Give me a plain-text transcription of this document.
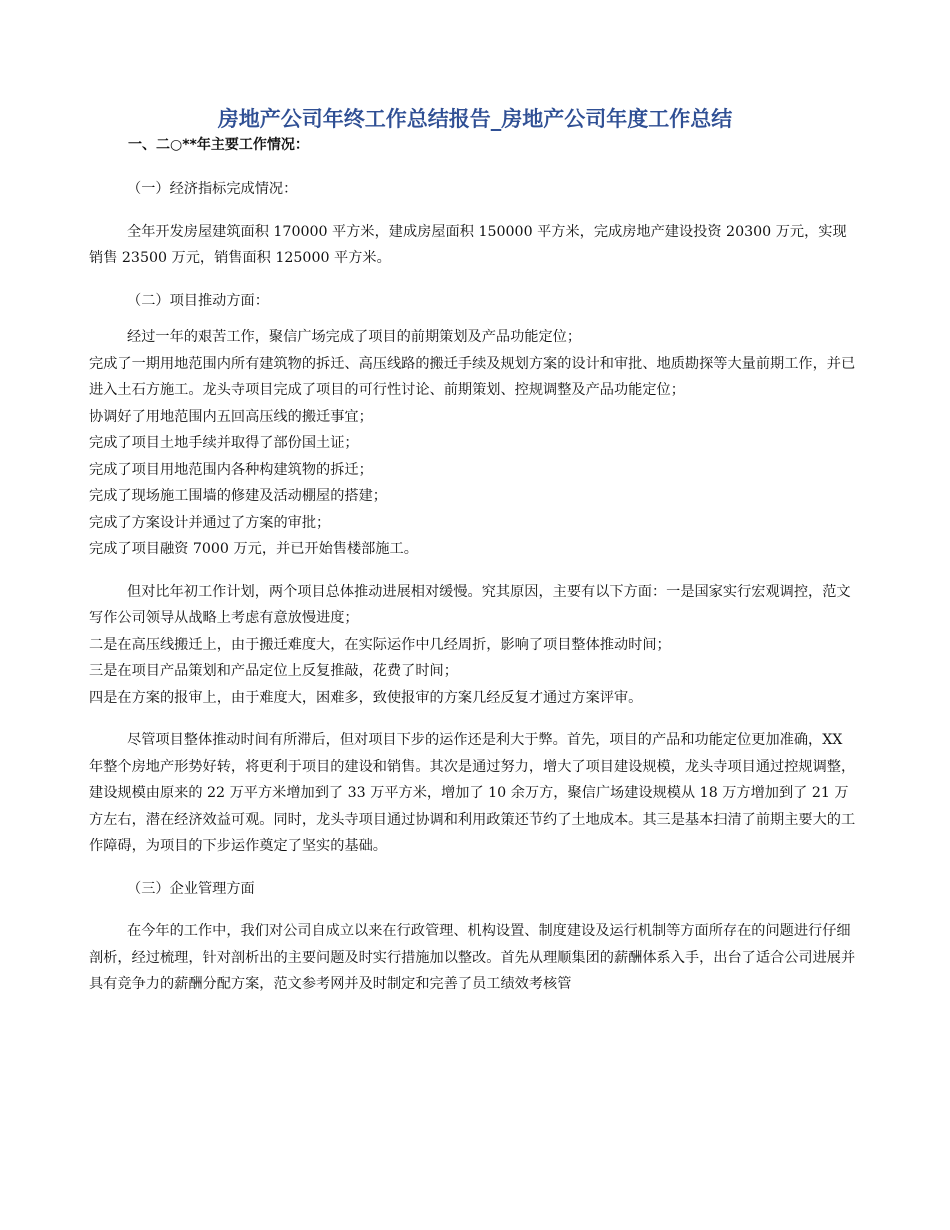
房地产公司年终工作总结报告_房地产公司年度工作总结
一、二○**年主要工作情况：

（一）经济指标完成情况：

全年开发房屋建筑面积 170000 平方米，建成房屋面积 150000 平方米，完成房地产建设投资 20300 万元，实现销售 23500 万元，销售面积 125000 平方米。

（二）项目推动方面：

经过一年的艰苦工作，聚信广场完成了项目的前期策划及产品功能定位；

完成了一期用地范围内所有建筑物的拆迁、高压线路的搬迁手续及规划方案的设计和审批、地质勘探等大量前期工作，并已进入土石方施工。龙头寺项目完成了项目的可行性讨论、前期策划、控规调整及产品功能定位；

协调好了用地范围内五回高压线的搬迁事宜；

完成了项目土地手续并取得了部份国土证；

完成了项目用地范围内各种构建筑物的拆迁；

完成了现场施工围墙的修建及活动棚屋的搭建；

完成了方案设计并通过了方案的审批；

完成了项目融资 7000 万元，并已开始售楼部施工。

但对比年初工作计划，两个项目总体推动进展相对缓慢。究其原因，主要有以下方面：一是国家实行宏观调控，范文写作公司领导从战略上考虑有意放慢进度；

二是在高压线搬迁上，由于搬迁难度大，在实际运作中几经周折，影响了项目整体推动时间；

三是在项目产品策划和产品定位上反复推敲，花费了时间；

四是在方案的报审上，由于难度大，困难多，致使报审的方案几经反复才通过方案评审。

尽管项目整体推动时间有所滞后，但对项目下步的运作还是利大于弊。首先，项目的产品和功能定位更加准确，XX 年整个房地产形势好转，将更利于项目的建设和销售。其次是通过努力，增大了项目建设规模，龙头寺项目通过控规调整，建设规模由原来的 22 万平方米增加到了 33 万平方米，增加了 10 余万方，聚信广场建设规模从 18 万方增加到了 21 万方左右，潜在经济效益可观。同时，龙头寺项目通过协调和利用政策还节约了土地成本。其三是基本扫清了前期主要大的工作障碍，为项目的下步运作奠定了坚实的基础。

（三）企业管理方面

在今年的工作中，我们对公司自成立以来在行政管理、机构设置、制度建设及运行机制等方面所存在的问题进行仔细剖析，经过梳理，针对剖析出的主要问题及时实行措施加以整改。首先从理顺集团的薪酬体系入手，出台了适合公司进展并具有竞争力的薪酬分配方案，范文参考网并及时制定和完善了员工绩效考核管
